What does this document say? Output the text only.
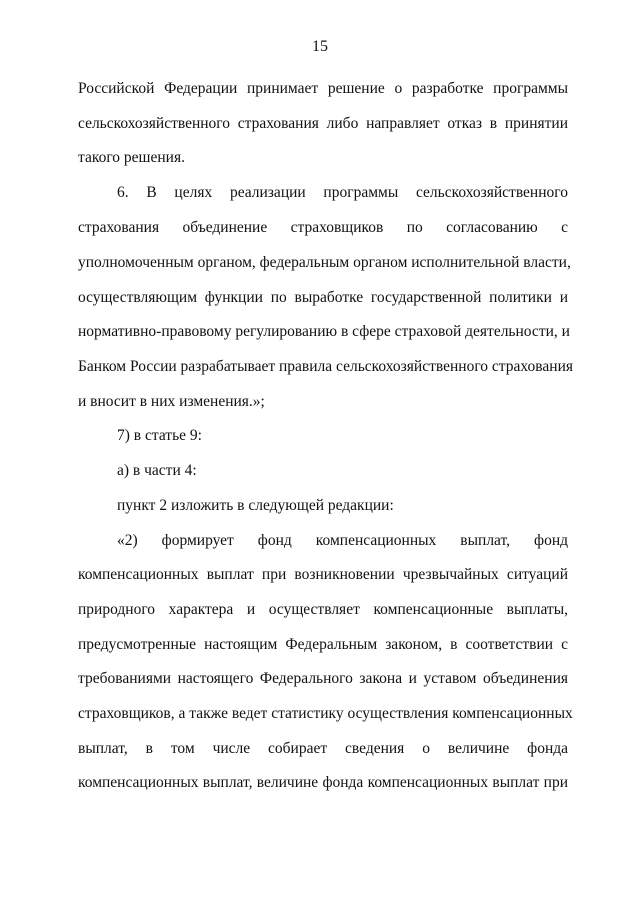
15
Российской Федерации принимает решение о разработке программы
сельскохозяйственного страхования либо направляет отказ в принятии
такого решения.
6. В целях реализации программы сельскохозяйственного
страхования объединение страховщиков по согласованию с
уполномоченным органом, федеральным органом исполнительной власти,
осуществляющим функции по выработке государственной политики и
нормативно-правовому регулированию в сфере страховой деятельности, и
Банком России разрабатывает правила сельскохозяйственного страхования
и вносит в них изменения.»;
7) в статье 9:
а) в части 4:
пункт 2 изложить в следующей редакции:
«2) формирует фонд компенсационных выплат, фонд
компенсационных выплат при возникновении чрезвычайных ситуаций
природного характера и осуществляет компенсационные выплаты,
предусмотренные настоящим Федеральным законом, в соответствии с
требованиями настоящего Федерального закона и уставом объединения
страховщиков, а также ведет статистику осуществления компенсационных
выплат, в том числе собирает сведения о величине фонда
компенсационных выплат, величине фонда компенсационных выплат при
